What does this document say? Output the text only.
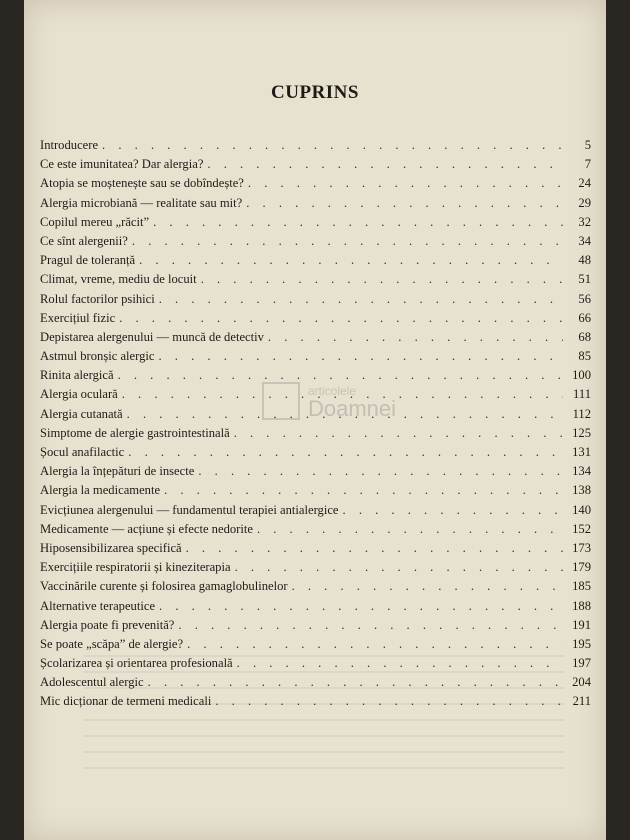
CUPRINS
Introducere . . .	5
Ce este imunitatea? Dar alergia? . . .	7
Atopia se moștenește sau se dobîndește? . . .	24
Alergia microbiană — realitate sau mit? . . .	29
Copilul mereu „răcit” . . .	32
Ce sînt alergenii? . . .	34
Pragul de toleranță . . .	48
Climat, vreme, mediu de locuit . . .	51
Rolul factorilor psihici . . .	56
Exercițiul fizic . . .	66
Depistarea alergenului — muncă de detectiv . . .	68
Astmul bronșic alergic . . .	85
Rinita alergică . . .	100
Alergia oculară . . .	111
Alergia cutanată . . .	112
Simptome de alergie gastrointestinală . . .	125
Șocul anafilactic . . .	131
Alergia la înțepături de insecte . . .	134
Alergia la medicamente . . .	138
Evicțiunea alergenului — fundamentul terapiei antialergice . . .	140
Medicamente — acțiune și efecte nedorite . . .	152
Hiposensibilizarea specifică . . .	173
Exercițiile respiratorii și kineziterapia . . .	179
Vaccinările curente și folosirea gamaglobulinelor . . .	185
Alternative terapeutice . . .	188
Alergia poate fi prevenită? . . .	191
Se poate „scăpa” de alergie? . . .	195
Școlarizarea și orientarea profesională . . .	197
Adolescentul alergic . . .	204
Mic dicționar de termeni medicali . . .	211
articolele
Doamnei
